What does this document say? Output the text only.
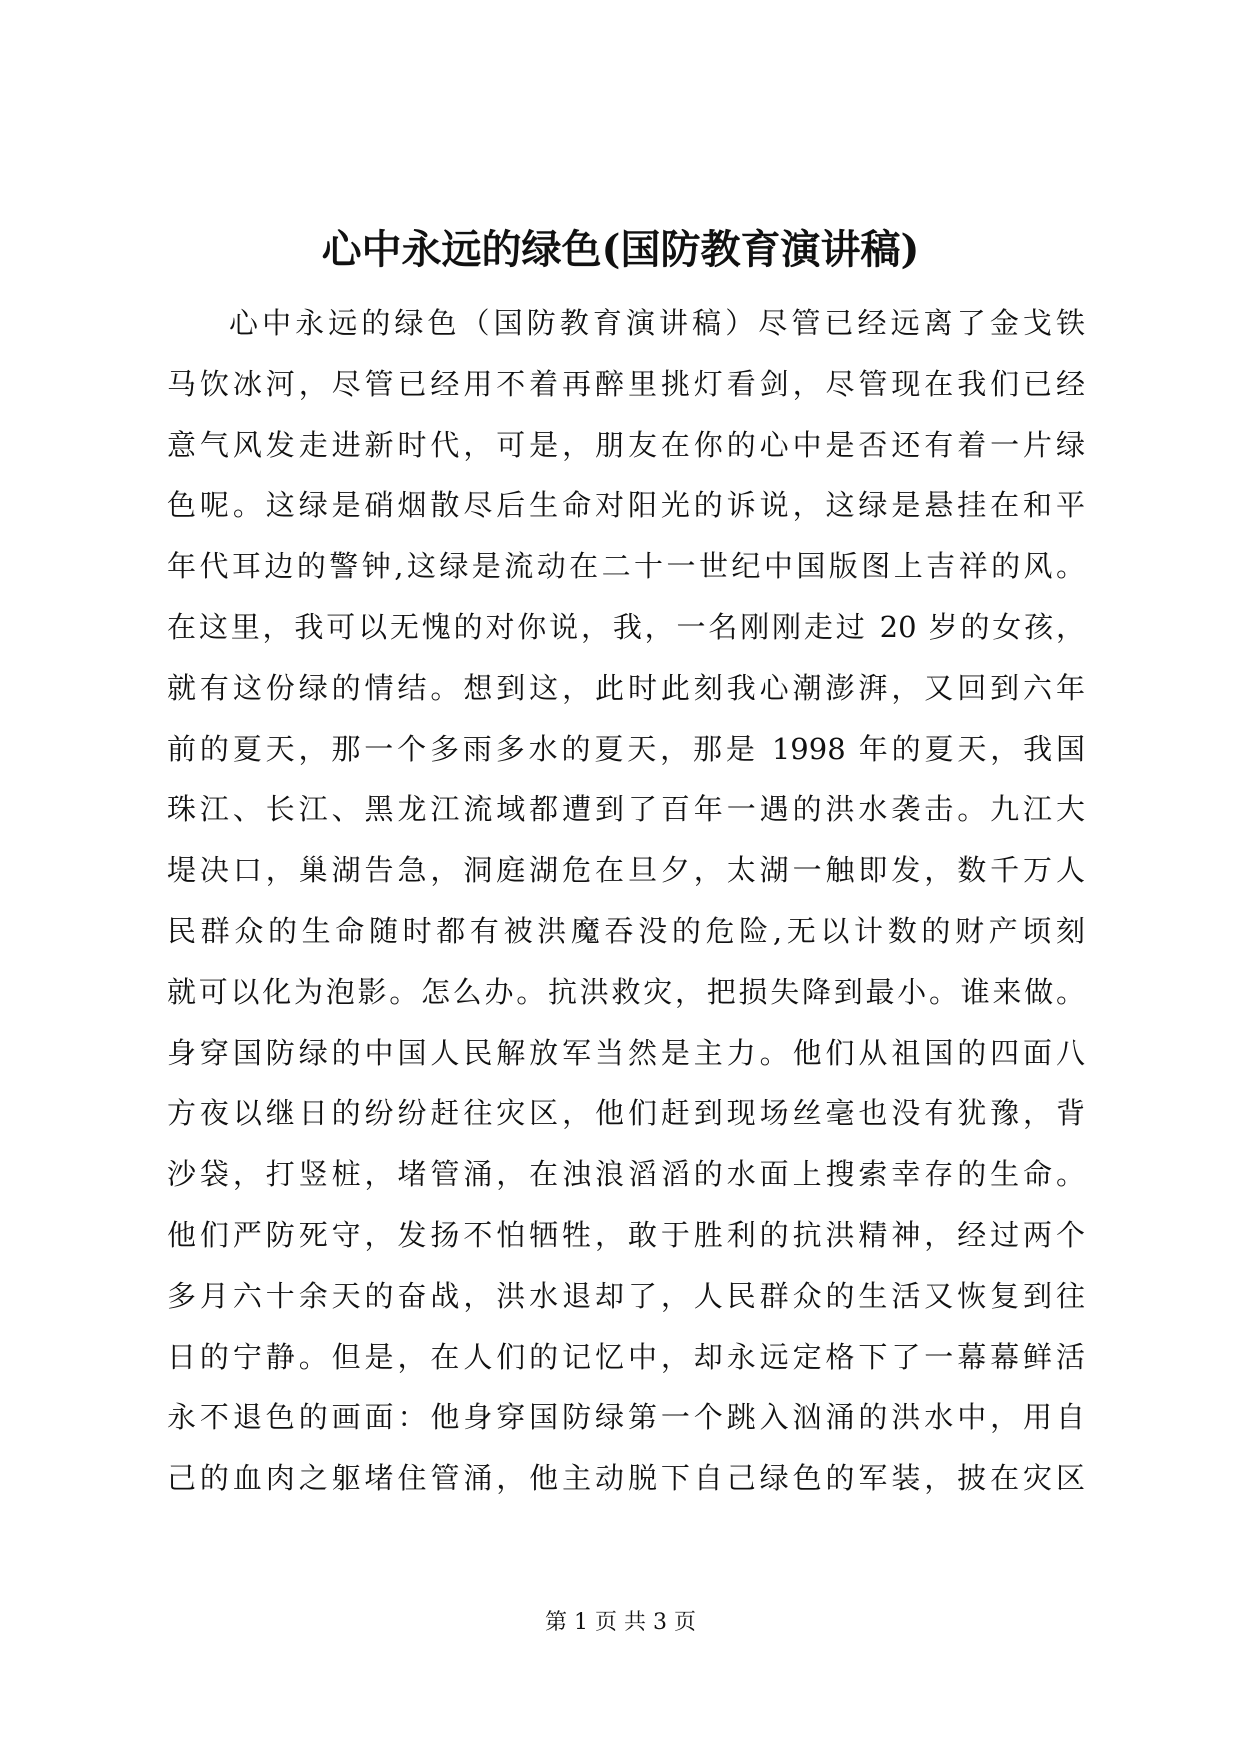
心中永远的绿色(国防教育演讲稿)
心中永远的绿色（国防教育演讲稿）尽管已经远离了金戈铁
马饮冰河，尽管已经用不着再醉里挑灯看剑，尽管现在我们已经
意气风发走进新时代，可是，朋友在你的心中是否还有着一片绿
色呢。这绿是硝烟散尽后生命对阳光的诉说，这绿是悬挂在和平
年代耳边的警钟,这绿是流动在二十一世纪中国版图上吉祥的风。
在这里，我可以无愧的对你说，我，一名刚刚走过 20 岁的女孩，
就有这份绿的情结。想到这，此时此刻我心潮澎湃，又回到六年
前的夏天，那一个多雨多水的夏天，那是 1998 年的夏天，我国
珠江、长江、黑龙江流域都遭到了百年一遇的洪水袭击。九江大
堤决口，巢湖告急，洞庭湖危在旦夕，太湖一触即发，数千万人
民群众的生命随时都有被洪魔吞没的危险,无以计数的财产顷刻
就可以化为泡影。怎么办。抗洪救灾，把损失降到最小。谁来做。
身穿国防绿的中国人民解放军当然是主力。他们从祖国的四面八
方夜以继日的纷纷赶往灾区，他们赶到现场丝毫也没有犹豫，背
沙袋，打竖桩，堵管涌，在浊浪滔滔的水面上搜索幸存的生命。
他们严防死守，发扬不怕牺牲，敢于胜利的抗洪精神，经过两个
多月六十余天的奋战，洪水退却了，人民群众的生活又恢复到往
日的宁静。但是，在人们的记忆中，却永远定格下了一幕幕鲜活
永不退色的画面：他身穿国防绿第一个跳入汹涌的洪水中，用自
己的血肉之躯堵住管涌，他主动脱下自己绿色的军装，披在灾区
第 1 页 共 3 页
